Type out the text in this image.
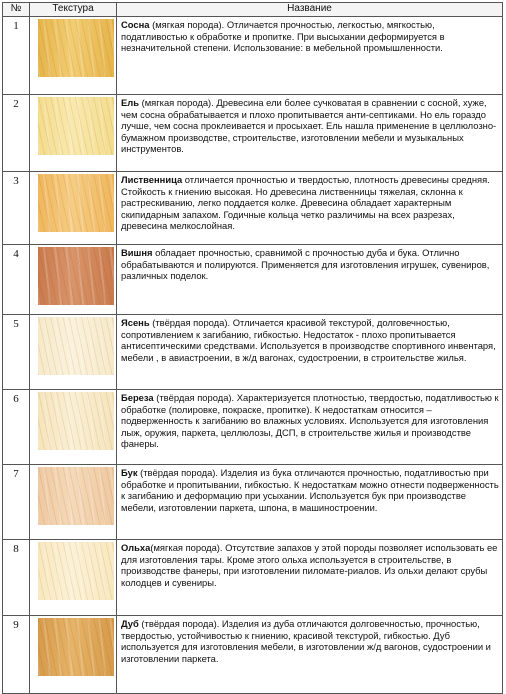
№	Текстура	Название
1		Сосна (мягкая порода). Отличается прочностью, легкостью, мягкостью, податливостью к обработке и пропитке. При высыхании деформируется в незначительной степени. Использование: в мебельной промышленности.
2		Ель (мягкая порода). Древесина ели более сучковатая в сравнении с сосной, хуже, чем сосна обрабатывается и плохо пропитывается анти-септиками. Но ель гораздо лучше, чем сосна проклеивается и просыхает. Ель нашла применение в целлюлозно-бумажном производстве, строительстве, изготовлении мебели и музыкальных инструментов.
3		Лиственница отличается прочностью и твердостью, плотность древесины средняя. Стойкость к гниению высокая. Но древесина лиственницы тяжелая, склонна к растрескиванию, легко поддается колке. Древесина обладает характерным скипидарным запахом. Годичные кольца четко различимы на всех разрезах, древесина мелкослойная.
4		Вишня обладает прочностью, сравнимой с прочностью дуба и бука. Отлично обрабатываются и полируются. Применяется для изготовления игрушек, сувениров, различных поделок.
5		Ясень (твёрдая порода). Отличается красивой текстурой, долговечностью, сопротивлением к загибанию, гибкостью. Недостаток - плохо пропитывается антисептическими средствами. Используется в производстве спортивного инвентаря, мебели , в авиастроении, в ж/д вагонах, судостроении, в строительстве жилья.
6		Береза (твёрдая порода). Характеризуется плотностью, твердостью, податливостью к обработке (полировке, покраске, пропитке). К недостаткам относится – подверженность к загибанию во влажных условиях. Используется для изготовления лыж, оружия, паркета, целлюлозы, ДСП, в строительстве жилья и производстве фанеры.
7		Бук (твёрдая порода). Изделия из бука отличаются прочностью, податливостью при обработке и пропитывании, гибкостью. К недостаткам можно отнести подверженность к загибанию и деформацию при усыхании. Используется бук при производстве мебели, изготовлении паркета, шпона, в машиностроении.
8		Ольха(мягкая порода). Отсутствие запахов у этой породы позволяет использовать ее для изготовления тары. Кроме этого ольха используется в строительстве, в производстве фанеры, при изготовлении пиломате-риалов. Из ольхи делают срубы колодцев и сувениры.
9		Дуб (твёрдая порода). Изделия из дуба отличаются долговечностью, прочностью, твердостью, устойчивостью к гниению, красивой текстурой, гибкостью. Дуб используется для изготовления мебели, в изготовлении ж/д вагонов, судостроении и изготовлении паркета.
